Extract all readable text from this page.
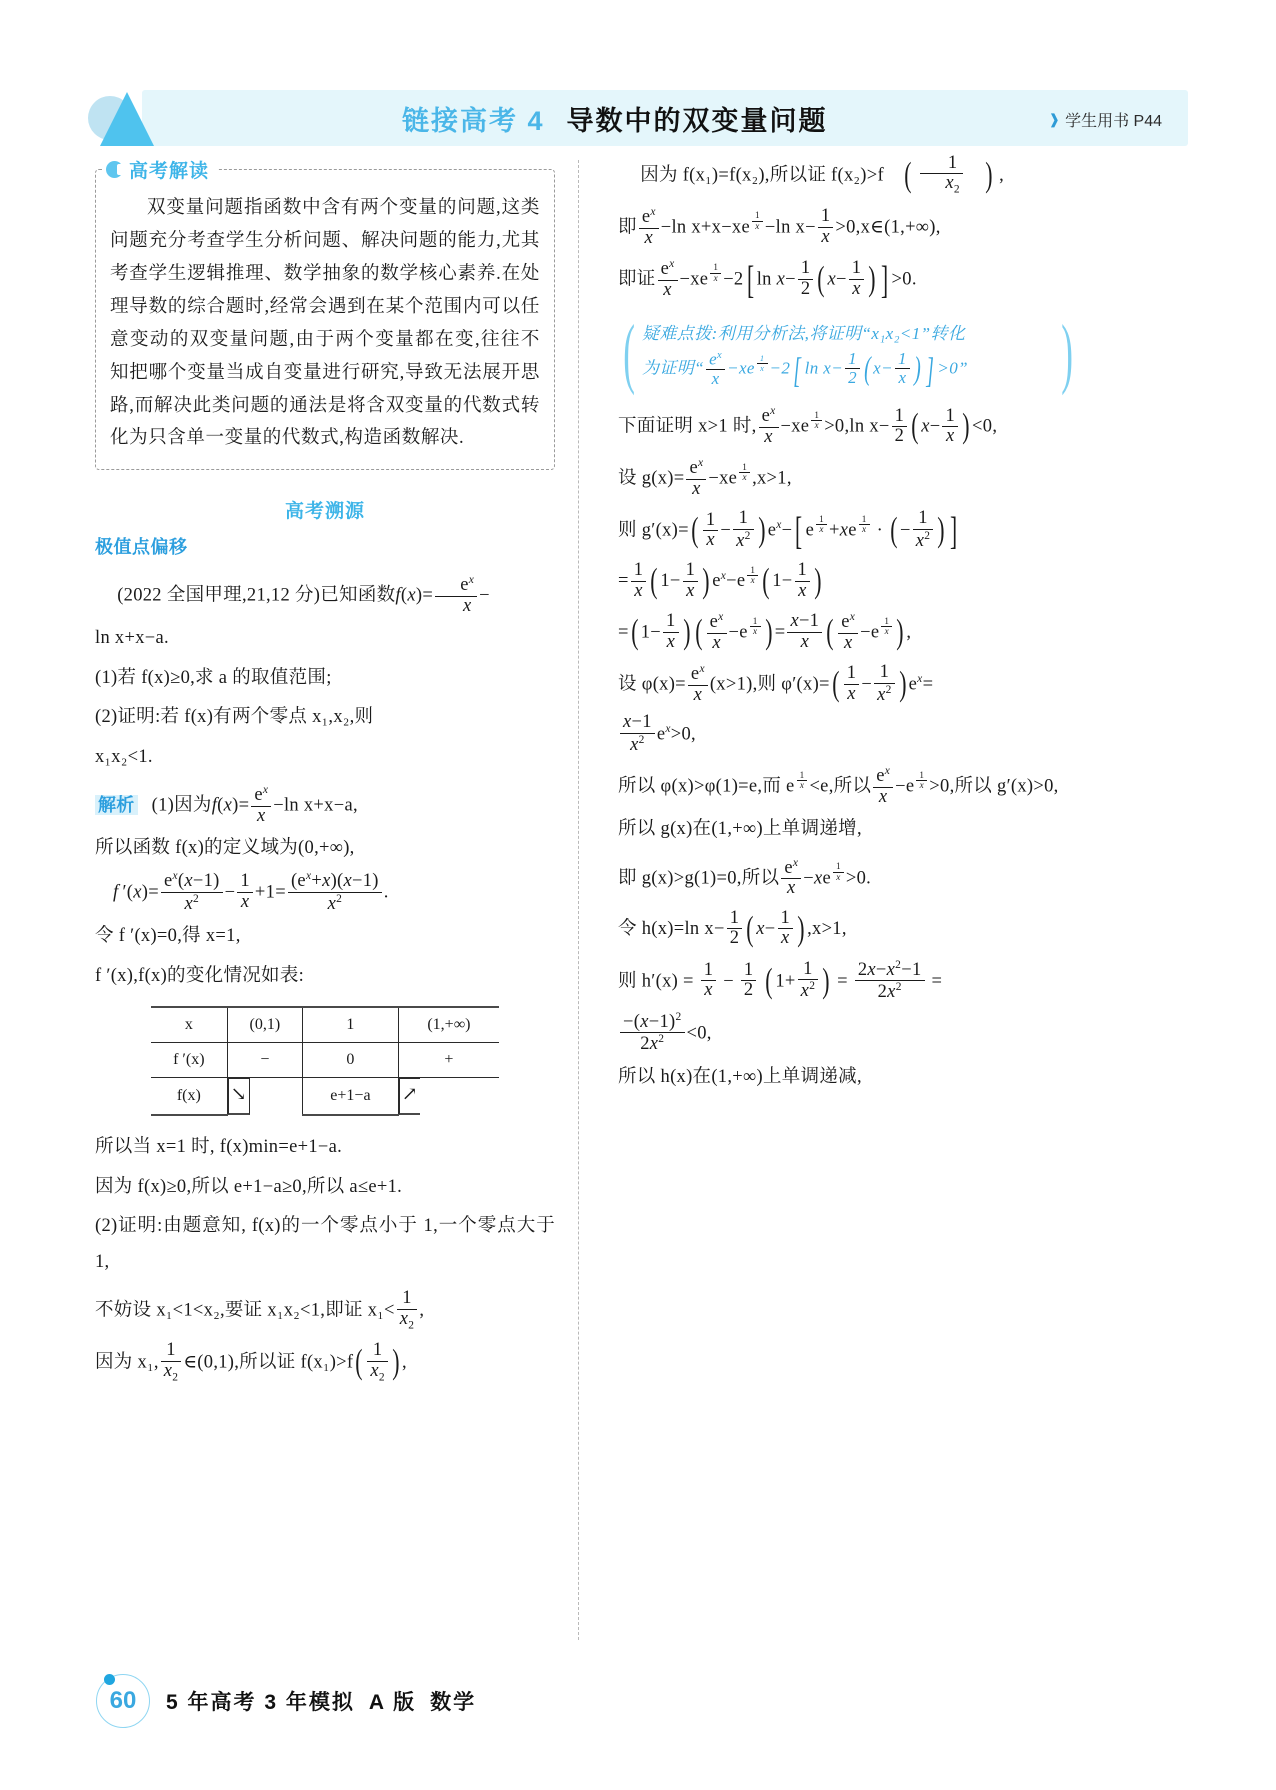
链接高考 4 导数中的双变量问题	❱ 学生用书 P44
高考解读
双变量问题指函数中含有两个变量的问题,这类问题充分考查学生分析问题、解决问题的能力,尤其考查学生逻辑推理、数学抽象的数学核心素养.在处理导数的综合题时,经常会遇到在某个范围内可以任意变动的双变量问题,由于两个变量都在变,往往不知把哪个变量当成自变量进行研究,导致无法展开思路,而解决此类问题的通法是将含双变量的代数式转化为只含单一变量的代数式,构造函数解决.
高考溯源
极值点偏移

(2022 全国甲理,21,12 分)已知函数$f(x)= \frac{e^x}{x}$ −

ln x+x−a.

(1)若 f(x)≥0,求 a 的取值范围;

(2)证明:若 f(x)有两个零点 x₁,x₂,则

x₁x₂<1.

解析 (1)因为$f(x)= \frac{e^x}{x} -\ln$ x+x−a,

所以函数 f(x)的定义域为(0,+∞),

f $'(x)= \frac{e^x(x-1)}{x^2} - \frac{1}{x} +1= \frac{(e^x+x)(x-1)}{x^2}$ .

令 f ′(x)=0,得 x=1,

f ′(x),f(x)的变化情况如表:

x	(0,1)	1	(1,+∞)
f ′(x)	−	0	+
f(x)	↘	e+1−a	↗

所以当 x=1 时, f(x)min=e+1−a.

因为 f(x)≥0,所以 e+1−a≥0,所以 a≤e+1.

(2)证明:由题意知, f(x)的一个零点小于 1,一个零点大于 1,

不妨设 x₁<1<x₂,要证 x₁x₂<1,即证 $x_1< \frac{1}{x_2}$ ,

因为 x₁, $\frac{1}{x_2}$ ∈(0,1),所以证 $f(x_1)>f( \frac{1}{x_2}$ ) ,

因为 f(x₁)=f(x₂),所以证 f(x₂)>f ( $\frac{1}{x_2}$ ) ,

即 $\frac{e^x}{x} -\ln$ x+x−xe $^{\frac{1}{x}}$ −ln $x- \frac{1}{x}$ >0,x∈(1,+∞),

即证 $\frac{e^x}{x} -xe$ $^{\frac{1}{x}}$ −2[ $\ln x- \frac{1}{2}$ ( $x- \frac{1}{x}$ ) ] >0.

( 疑难点拨:利用分析法,将证明“x₁x₂<1”转化
为证明“ $\frac{e^x}{x} -xe$ $^{\frac{1}{x}}$ −2[ $\ln x- \frac{1}{2}$ ( $x- \frac{1}{x}$ ) ] >0” )

下面证明 x>1 时, $\frac{e^x}{x} -xe$ $^{\frac{1}{x}}$ >0,ln $x- \frac{1}{2}$ ( $x- \frac{1}{x}$ ) <0,

设 $g(x)= \frac{e^x}{x} -xe$ $^{\frac{1}{x}}$ ,x>1,

则 $g'(x)=( \frac{1}{x} - \frac{1}{x^2}$ ) $e^x-$[ e $^{\frac{1}{x}}$ +xe $^{\frac{1}{x}}$ · ( − $\frac{1}{x^2}$ ) ]

= $\frac{1}{x}$ ( $1- \frac{1}{x}$ ) $e^x-e$ $^{\frac{1}{x}}$ ( $1- \frac{1}{x}$ )

=( $1- \frac{1}{x}$ ) ( $\frac{e^x}{x} -e$ $^{\frac{1}{x}}$ ) = $\frac{x-1}{x}$ ( $\frac{e^x}{x} -e$ $^{\frac{1}{x}}$ ) ,

设 $\varphi(x)= \frac{e^x}{x} (x>1)$,则 $\varphi'(x)=( \frac{1}{x} - \frac{1}{x^2}$ ) $e^x=$

$\frac{x-1}{x^2} e^x>0$,

所以 φ(x)>φ(1)=e,而 e $^{\frac{1}{x}}$ <e,所以 $\frac{e^x}{x} -e$ $^{\frac{1}{x}}$ >0,所以 g′(x)>0,

所以 g(x)在(1,+∞)上单调递增,

即 g(x)>g(1)=0,所以 $\frac{e^x}{x} -xe$ $^{\frac{1}{x}}$ >0.

令 h(x)=ln $x- \frac{1}{2}$ ( $x- \frac{1}{x}$ ) ,x>1,

则 $h'(x) = \frac{1}{x} - \frac{1}{2}$ ( $1+ \frac{1}{x^2}$ ) = $\frac{2x-x^2-1}{2x^2}$ =

$\frac{-(x-1)^2}{2x^2} <0$,

所以 h(x)在(1,+∞)上单调递减,

60 5 年高考 3 年模拟 A 版 数学
